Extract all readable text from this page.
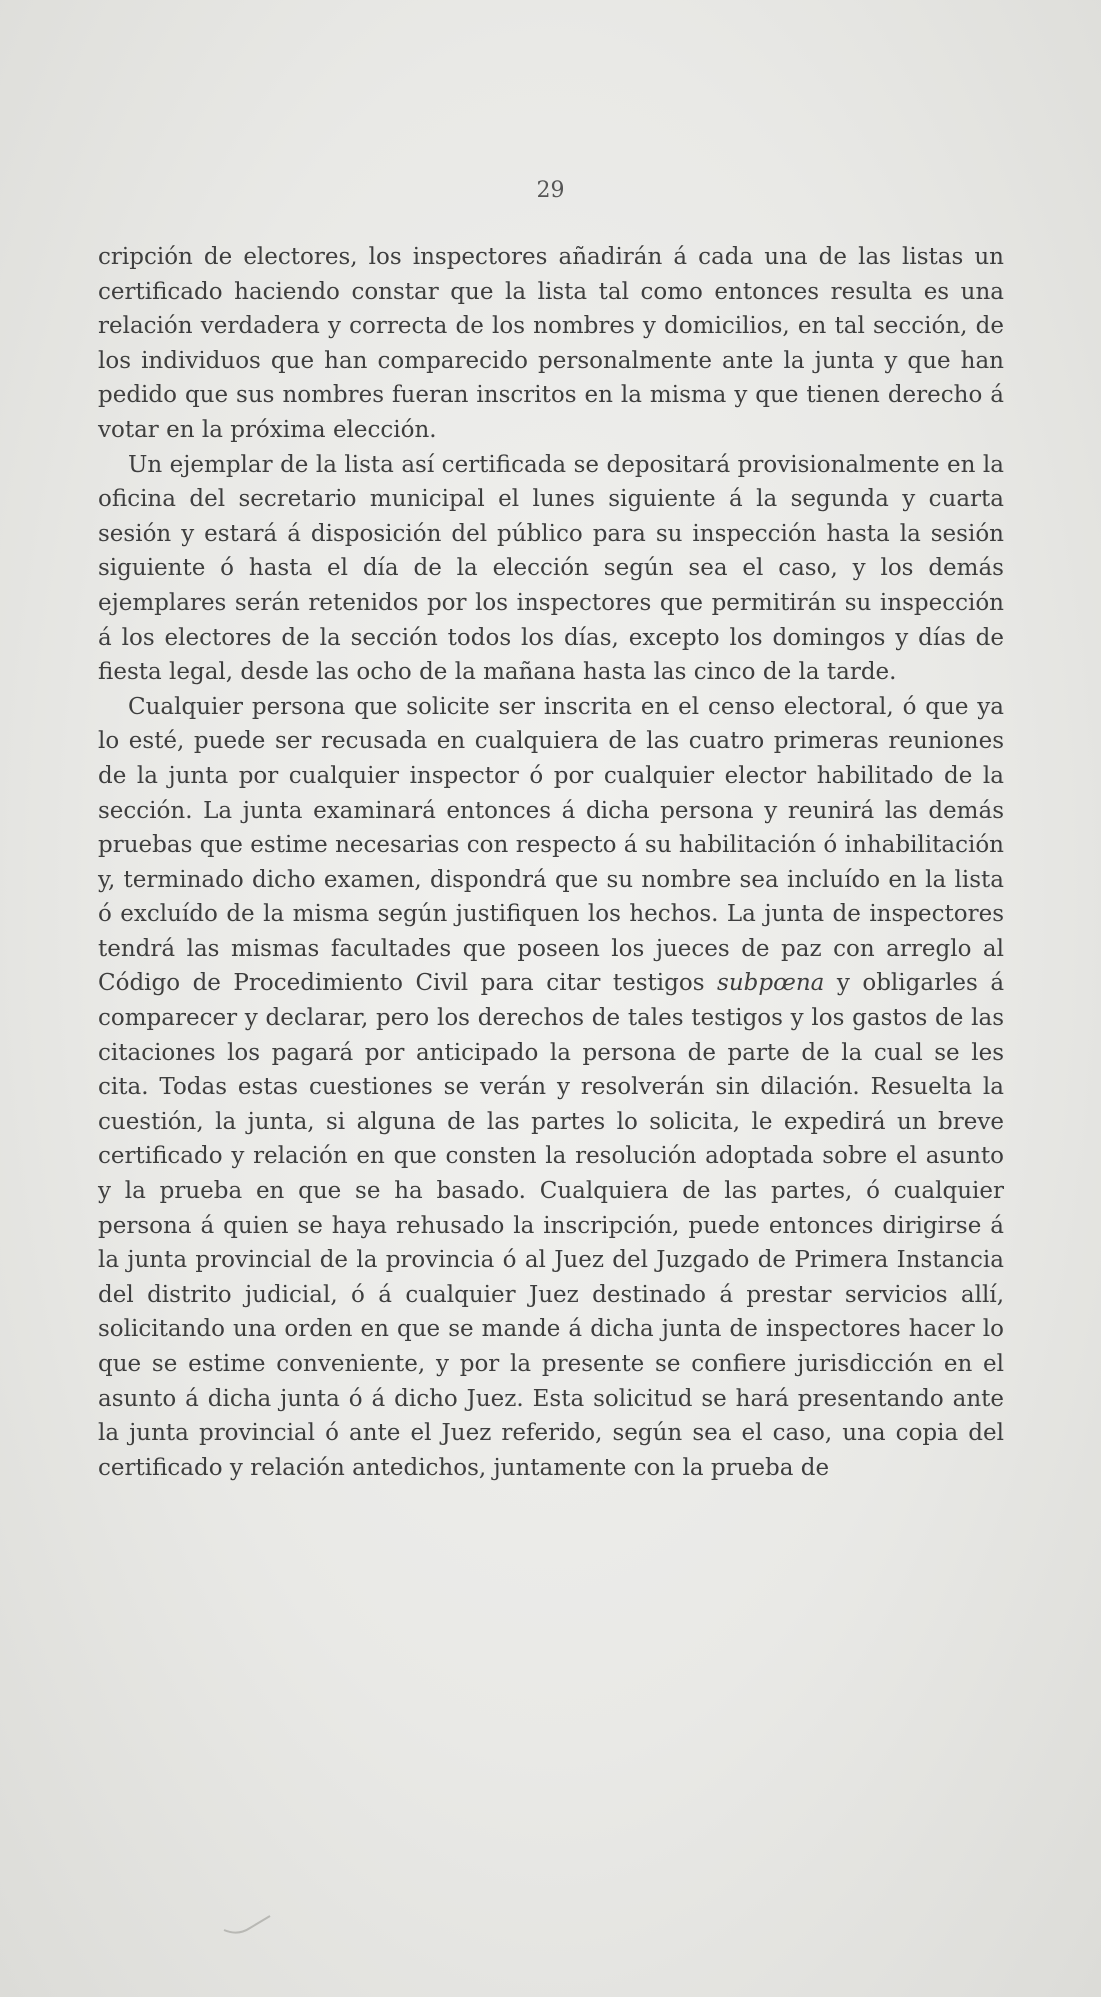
29

cripción de electores, los inspectores añadirán á cada una de las listas un certificado haciendo constar que la lista tal como entonces resulta es una relación verdadera y correcta de los nombres y domicilios, en tal sección, de los individuos que han comparecido personalmente ante la junta y que han pedido que sus nombres fueran inscritos en la misma y que tienen derecho á votar en la próxima elección.

Un ejemplar de la lista así certificada se depositará provisionalmente en la oficina del secretario municipal el lunes siguiente á la segunda y cuarta sesión y estará á disposición del público para su inspección hasta la sesión siguiente ó hasta el día de la elección según sea el caso, y los demás ejemplares serán retenidos por los inspectores que permitirán su inspección á los electores de la sección todos los días, excepto los domingos y días de fiesta legal, desde las ocho de la mañana hasta las cinco de la tarde.

Cualquier persona que solicite ser inscrita en el censo electoral, ó que ya lo esté, puede ser recusada en cualquiera de las cuatro primeras reuniones de la junta por cualquier inspector ó por cualquier elector habilitado de la sección. La junta examinará entonces á dicha persona y reunirá las demás pruebas que estime necesarias con respecto á su habilitación ó inhabilitación y, terminado dicho examen, dispondrá que su nombre sea incluído en la lista ó excluído de la misma según justifiquen los hechos. La junta de inspectores tendrá las mismas facultades que poseen los jueces de paz con arreglo al Código de Procedimiento Civil para citar testigos subpœna y obligarles á comparecer y declarar, pero los derechos de tales testigos y los gastos de las citaciones los pagará por anticipado la persona de parte de la cual se les cita. Todas estas cuestiones se verán y resolverán sin dilación. Resuelta la cuestión, la junta, si alguna de las partes lo solicita, le expedirá un breve certificado y relación en que consten la resolución adoptada sobre el asunto y la prueba en que se ha basado. Cualquiera de las partes, ó cualquier persona á quien se haya rehusado la inscripción, puede entonces dirigirse á la junta provincial de la provincia ó al Juez del Juzgado de Primera Instancia del distrito judicial, ó á cualquier Juez destinado á prestar servicios allí, solicitando una orden en que se mande á dicha junta de inspectores hacer lo que se estime conveniente, y por la presente se confiere jurisdicción en el asunto á dicha junta ó á dicho Juez. Esta solicitud se hará presentando ante la junta provincial ó ante el Juez referido, según sea el caso, una copia del certificado y relación antedichos, juntamente con la prueba de
